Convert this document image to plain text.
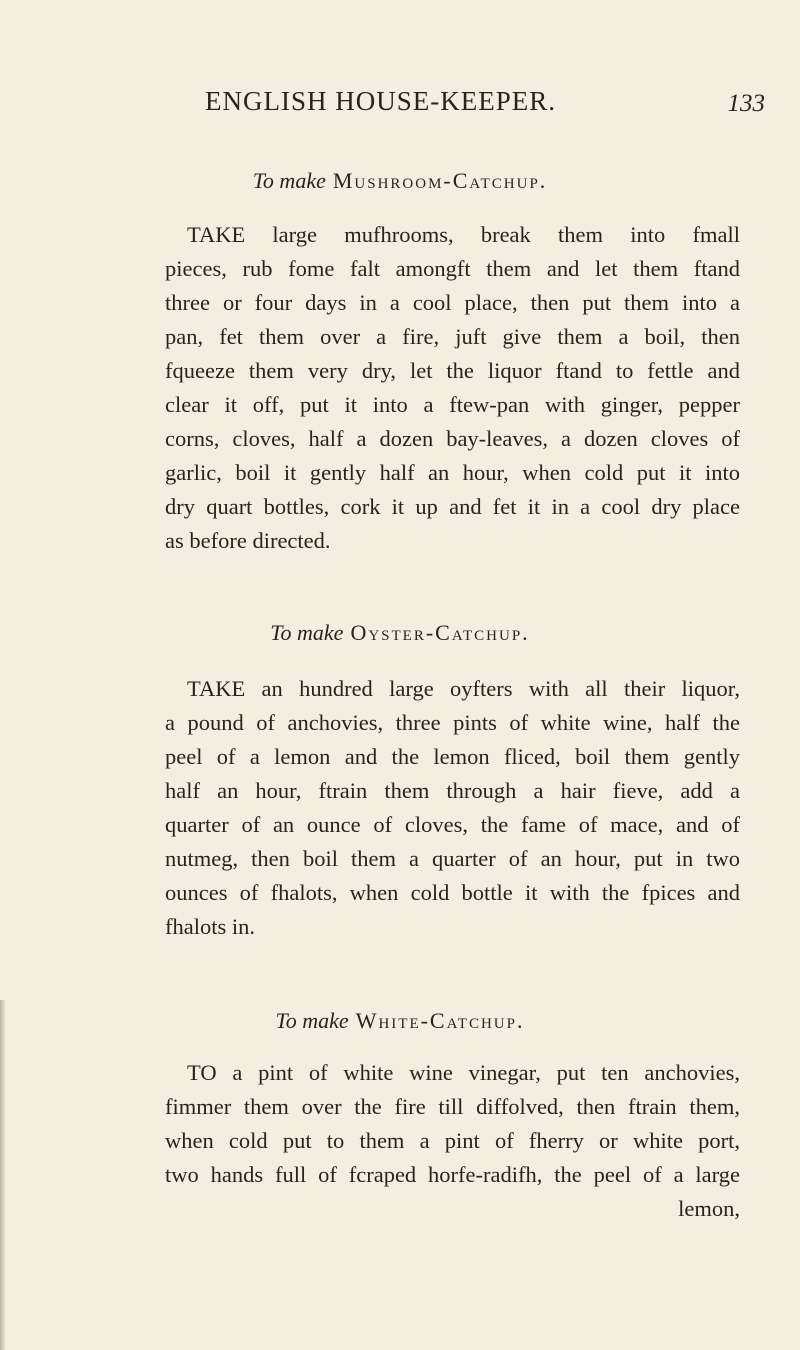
ENGLISH HOUSE-KEEPER.	133
To make Mushroom-Catchup.
TAKE large mufhrooms, break them into fmall
pieces, rub fome falt amongft them and let them ftand
three or four days in a cool place, then put them into a
pan, fet them over a fire, juft give them a boil, then
fqueeze them very dry, let the liquor ftand to fettle and
clear it off, put it into a ftew-pan with ginger, pepper
corns, cloves, half a dozen bay-leaves, a dozen cloves of
garlic, boil it gently half an hour, when cold put it into
dry quart bottles, cork it up and fet it in a cool dry place
as before directed.
To make Oyster-Catchup.
TAKE an hundred large oyfters with all their liquor,
a pound of anchovies, three pints of white wine, half the
peel of a lemon and the lemon fliced, boil them gently
half an hour, ftrain them through a hair fieve, add a
quarter of an ounce of cloves, the fame of mace, and of
nutmeg, then boil them a quarter of an hour, put in two
ounces of fhalots, when cold bottle it with the fpices and
fhalots in.
To make White-Catchup.
TO a pint of white wine vinegar, put ten anchovies,
fimmer them over the fire till diffolved, then ftrain them,
when cold put to them a pint of fherry or white port,
two hands full of fcraped horfe-radifh, the peel of a large
lemon,
